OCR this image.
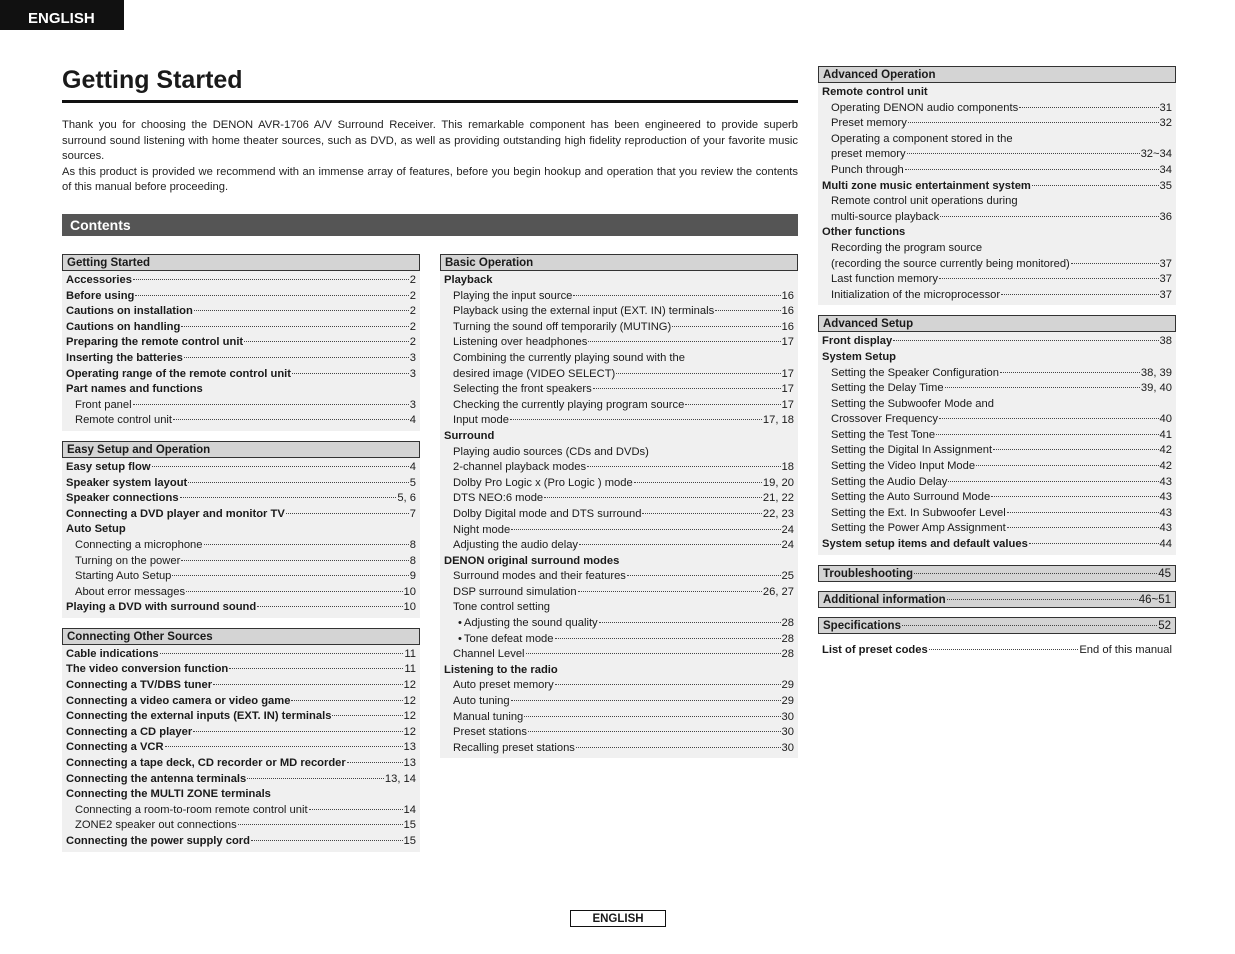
ENGLISH
Getting Started

Thank you for choosing the DENON AVR-1706 A/V Surround Receiver. This remarkable component has been engineered to provide superb surround sound listening with home theater sources, such as DVD, as well as providing outstanding high fidelity reproduction of your favorite music sources.

As this product is provided we recommend with an immense array of features, before you begin hookup and operation that you review the contents of this manual before proceeding.

Contents
Getting Started
Accessories	2
Before using	2
Cautions on installation	2
Cautions on handling	2
Preparing the remote control unit	2
Inserting the batteries	3
Operating range of the remote control unit	3
Part names and functions
Front panel	3
Remote control unit	4
Easy Setup and Operation
Easy setup flow	4
Speaker system layout	5
Speaker connections	5, 6
Connecting a DVD player and monitor TV	7
Auto Setup
Connecting a microphone	8
Turning on the power	8
Starting Auto Setup	9
About error messages	10
Playing a DVD with surround sound	10
Connecting Other Sources
Cable indications	11
The video conversion function	11
Connecting a TV/DBS tuner	12
Connecting a video camera or video game	12
Connecting the external inputs (EXT. IN) terminals	12
Connecting a CD player	12
Connecting a VCR	13
Connecting a tape deck, CD recorder or MD recorder	13
Connecting the antenna terminals	13, 14
Connecting the MULTI ZONE terminals
Connecting a room-to-room remote control unit	14
ZONE2 speaker out connections	15
Connecting the power supply cord	15
Basic Operation
Playback
Playing the input source	16
Playback using the external input (EXT. IN) terminals	16
Turning the sound off temporarily (MUTING)	16
Listening over headphones	17
Combining the currently playing sound with the
desired image (VIDEO SELECT)	17
Selecting the front speakers	17
Checking the currently playing program source	17
Input mode	17, 18
Surround
Playing audio sources (CDs and DVDs)
2-channel playback modes	18
Dolby Pro Logic x (Pro Logic ) mode	19, 20
DTS NEO:6 mode	21, 22
Dolby Digital mode and DTS surround	22, 23
Night mode	24
Adjusting the audio delay	24
DENON original surround modes
Surround modes and their features	25
DSP surround simulation	26, 27
Tone control setting
• Adjusting the sound quality	28
• Tone defeat mode	28
Channel Level	28
Listening to the radio
Auto preset memory	29
Auto tuning	29
Manual tuning	30
Preset stations	30
Recalling preset stations	30
Advanced Operation
Remote control unit
Operating DENON audio components	31
Preset memory	32
Operating a component stored in the
preset memory	32~34
Punch through	34
Multi zone music entertainment system	35
Remote control unit operations during
multi-source playback	36
Other functions
Recording the program source
(recording the source currently being monitored)	37
Last function memory	37
Initialization of the microprocessor	37
Advanced Setup
Front display	38
System Setup
Setting the Speaker Configuration	38, 39
Setting the Delay Time	39, 40
Setting the Subwoofer Mode and
Crossover Frequency	40
Setting the Test Tone	41
Setting the Digital In Assignment	42
Setting the Video Input Mode	42
Setting the Audio Delay	43
Setting the Auto Surround Mode	43
Setting the Ext. In Subwoofer Level	43
Setting the Power Amp Assignment	43
System setup items and default values	44
Troubleshooting	45
Additional information	46~51
Specifications	52
List of preset codes	End of this manual
ENGLISH
